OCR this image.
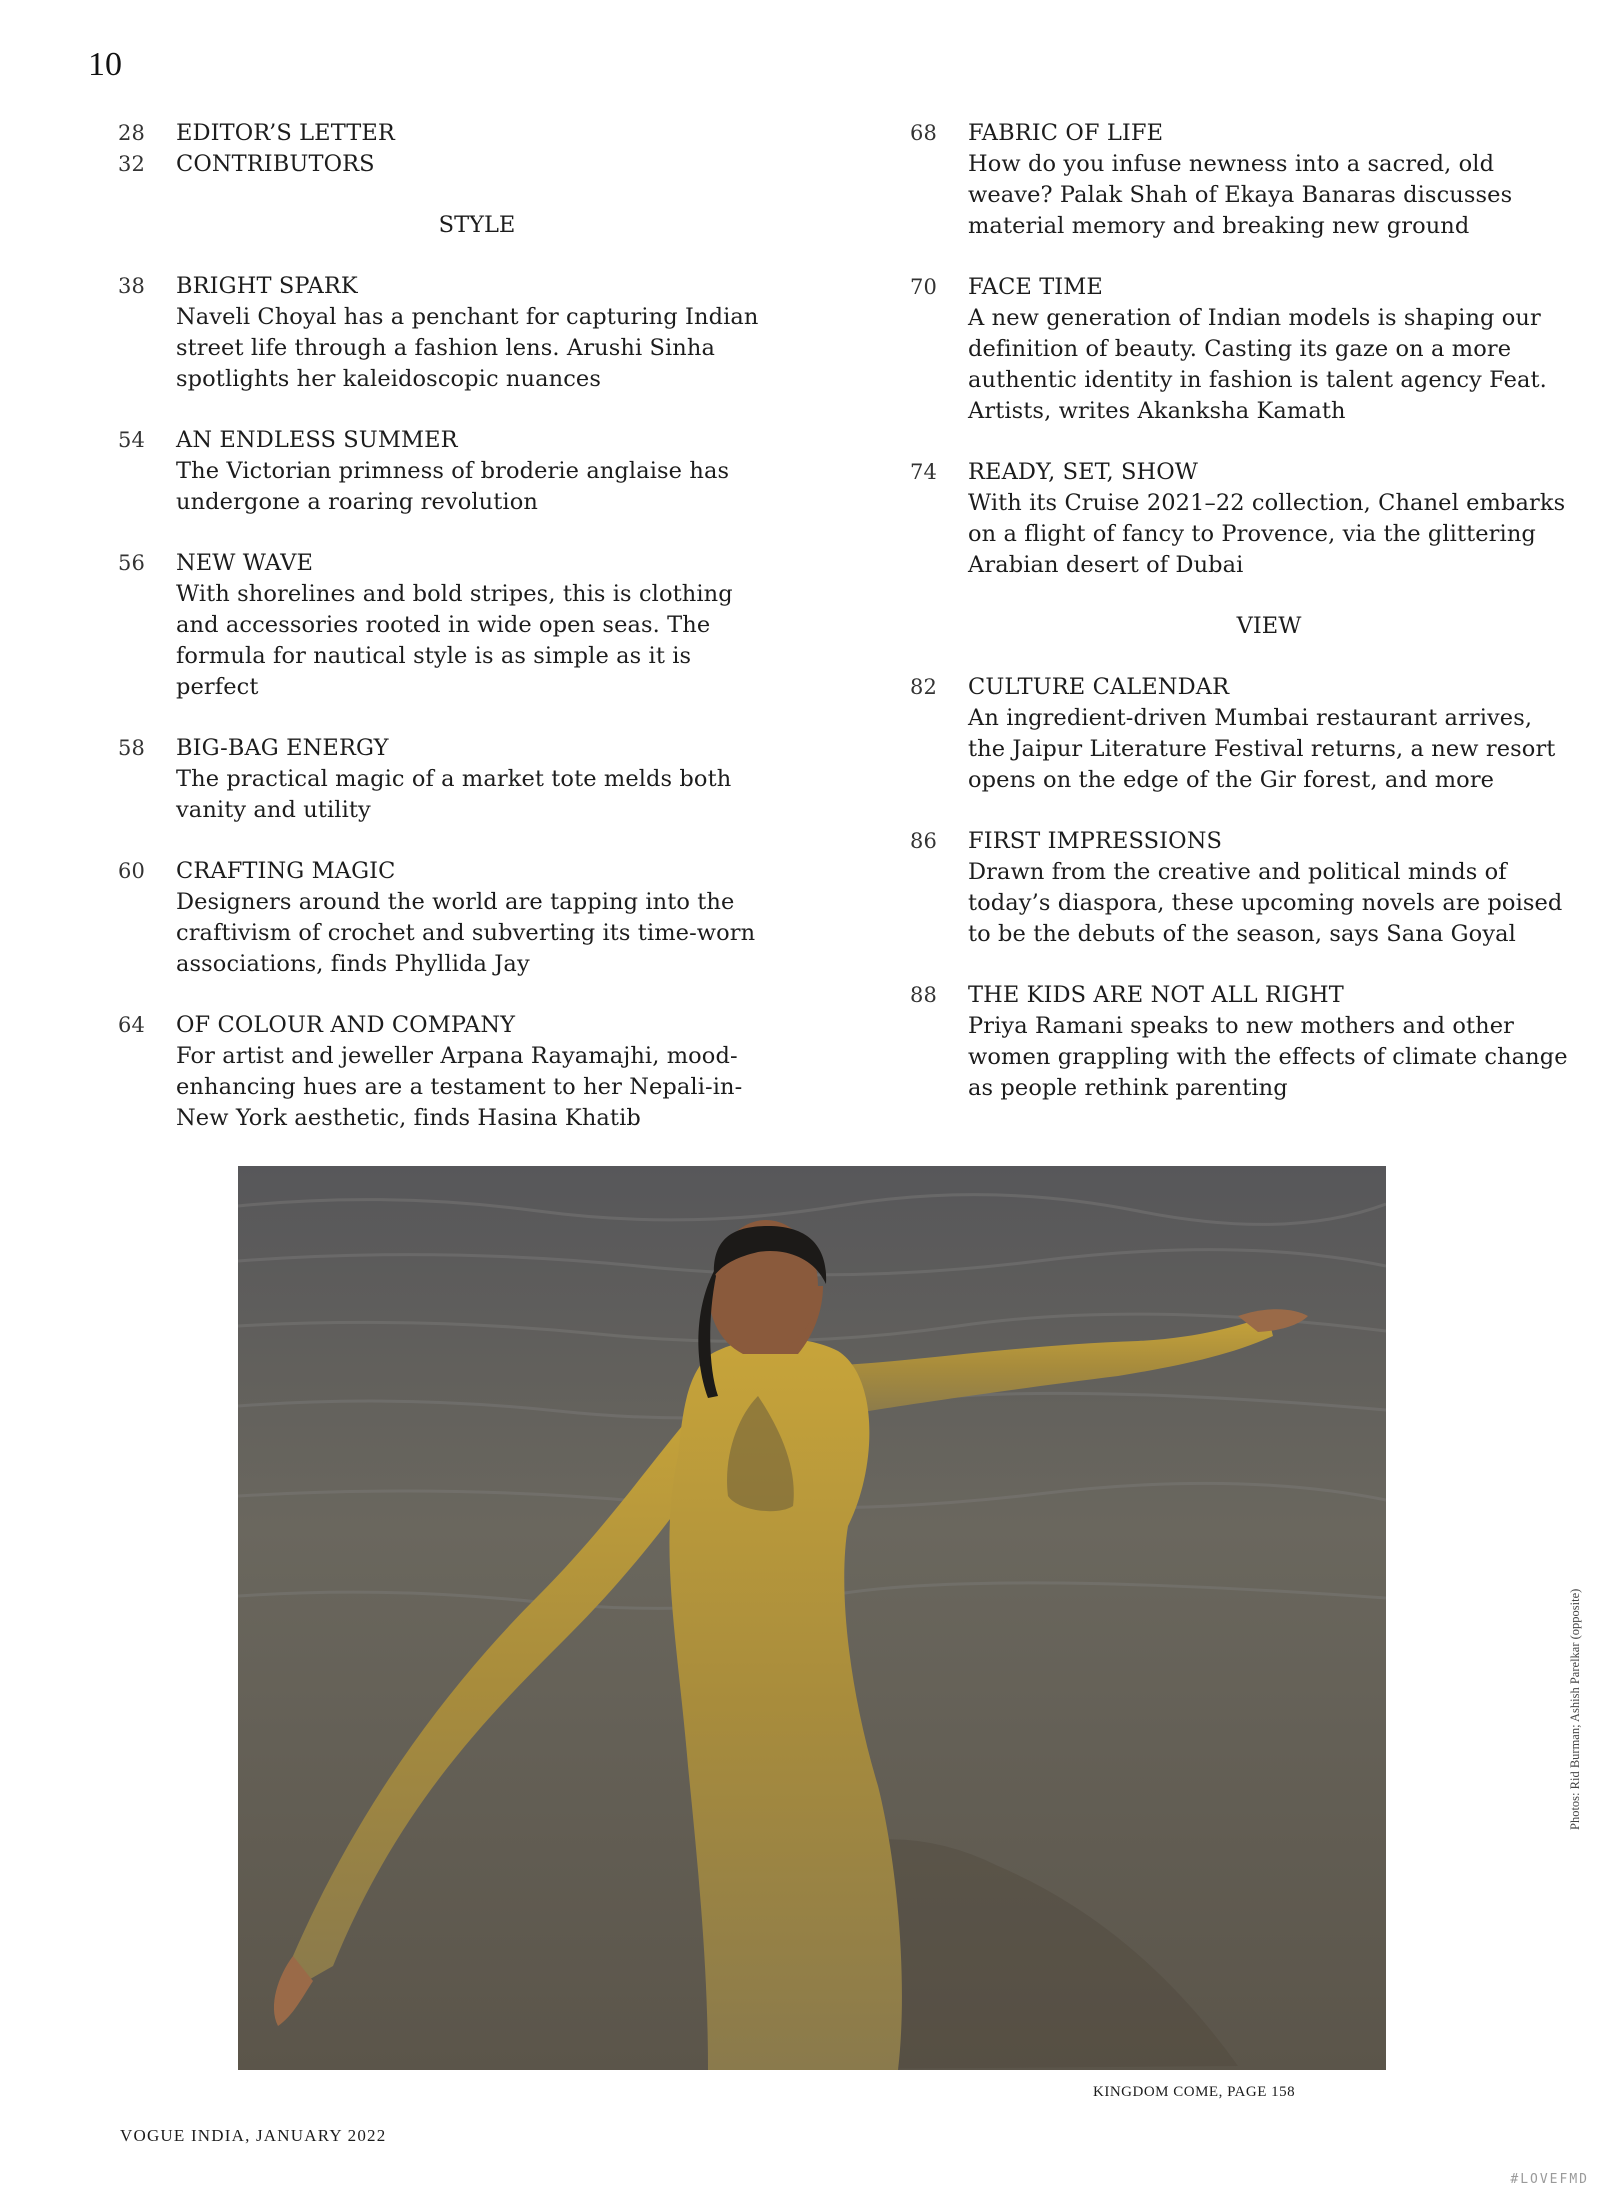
10
28 EDITOR’S LETTER
32 CONTRIBUTORS
STYLE
38 BRIGHT SPARK
Naveli Choyal has a penchant for capturing Indian street life through a fashion lens. Arushi Sinha spotlights her kaleidoscopic nuances
54 AN ENDLESS SUMMER
The Victorian primness of broderie anglaise has undergone a roaring revolution
56 NEW WAVE
With shorelines and bold stripes, this is clothing and accessories rooted in wide open seas. The formula for nautical style is as simple as it is perfect
58 BIG-BAG ENERGY
The practical magic of a market tote melds both vanity and utility
60 CRAFTING MAGIC
Designers around the world are tapping into the craftivism of crochet and subverting its time-worn associations, finds Phyllida Jay
64 OF COLOUR AND COMPANY
For artist and jeweller Arpana Rayamajhi, mood-enhancing hues are a testament to her Nepali-in-New York aesthetic, finds Hasina Khatib
68 FABRIC OF LIFE
How do you infuse newness into a sacred, old weave? Palak Shah of Ekaya Banaras discusses material memory and breaking new ground
70 FACE TIME
A new generation of Indian models is shaping our definition of beauty. Casting its gaze on a more authentic identity in fashion is talent agency Feat. Artists, writes Akanksha Kamath
74 READY, SET, SHOW
With its Cruise 2021–22 collection, Chanel embarks on a flight of fancy to Provence, via the glittering Arabian desert of Dubai
VIEW
82 CULTURE CALENDAR
An ingredient-driven Mumbai restaurant arrives, the Jaipur Literature Festival returns, a new resort opens on the edge of the Gir forest, and more
86 FIRST IMPRESSIONS
Drawn from the creative and political minds of today’s diaspora, these upcoming novels are poised to be the debuts of the season, says Sana Goyal
88 THE KIDS ARE NOT ALL RIGHT
Priya Ramani speaks to new mothers and other women grappling with the effects of climate change as people rethink parenting
KINGDOM COME, PAGE 158
Photos: Rid Burman; Ashish Parelkar (opposite)
VOGUE INDIA, JANUARY 2022
#LOVEFMD
